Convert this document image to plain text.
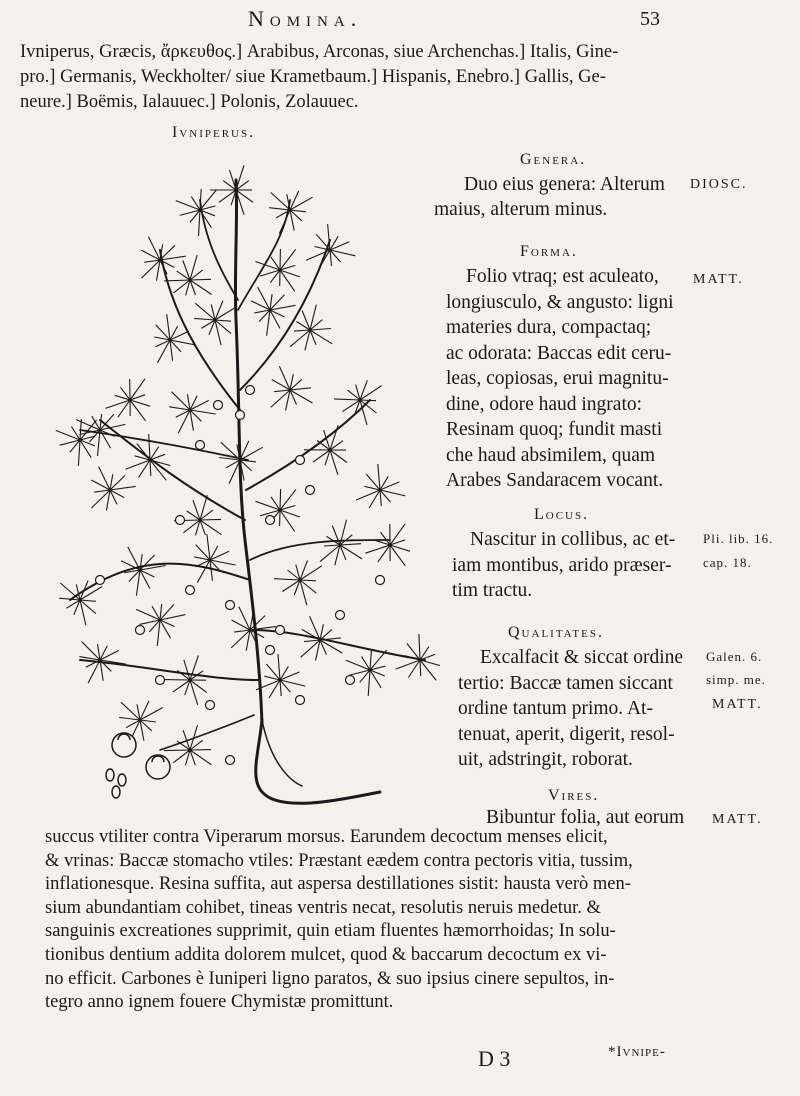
Nomina.	53
Ivniperus, Græcis, ἄρκευθος.] Arabibus, Arconas, siue Archenchas.] Italis, Gine-
pro.] Germanis, Weckholter/ siue Krametbaum.] Hispanis, Enebro.] Gallis, Ge-
neure.] Boëmis, Ialauuec.] Polonis, Zolauuec.
Ivniperus.
Genera.
Duo eius genera: Alterum
maius, alterum minus.
DIOSC.
Forma.
MATT.
Folio vtraq; est aculeato,
longiusculo, & angusto: ligni
materies dura, compactaq;
ac odorata: Baccas edit ceru-
leas, copiosas, erui magnitu-
dine, odore haud ingrato:
Resinam quoq; fundit masti
che haud absimilem, quam
Arabes Sandaracem vocant.
Locus.
Nascitur in collibus, ac et-
iam montibus, arido præser-
tim tractu.
Pli. lib. 16.
cap. 18.
Qualitates.
Excalfacit & siccat ordine
tertio: Baccæ tamen siccant
ordine tantum primo. At-
tenuat, aperit, digerit, resol-
uit, adstringit, roborat.
Galen. 6.
simp. me.
MATT.
Vires.
Bibuntur folia, aut eorum MATT.
succus vtiliter contra Viperarum morsus. Earundem decoctum menses elicit,
& vrinas: Baccæ stomacho vtiles: Præstant eædem contra pectoris vitia, tussim,
inflationesque. Resina suffita, aut aspersa destillationes sistit: hausta verò men-
sium abundantiam cohibet, tineas ventris necat, resolutis neruis medetur. &
sanguinis excreationes supprimit, quin etiam fluentes hæmorrhoidas; In solu-
tionibus dentium addita dolorem mulcet, quod & baccarum decoctum ex vi-
no efficit. Carbones è Iuniperi ligno paratos, & suo ipsius cinere sepultos, in-
tegro anno ignem fouere Chymistæ promittunt.
D 3	*Ivnipe-
